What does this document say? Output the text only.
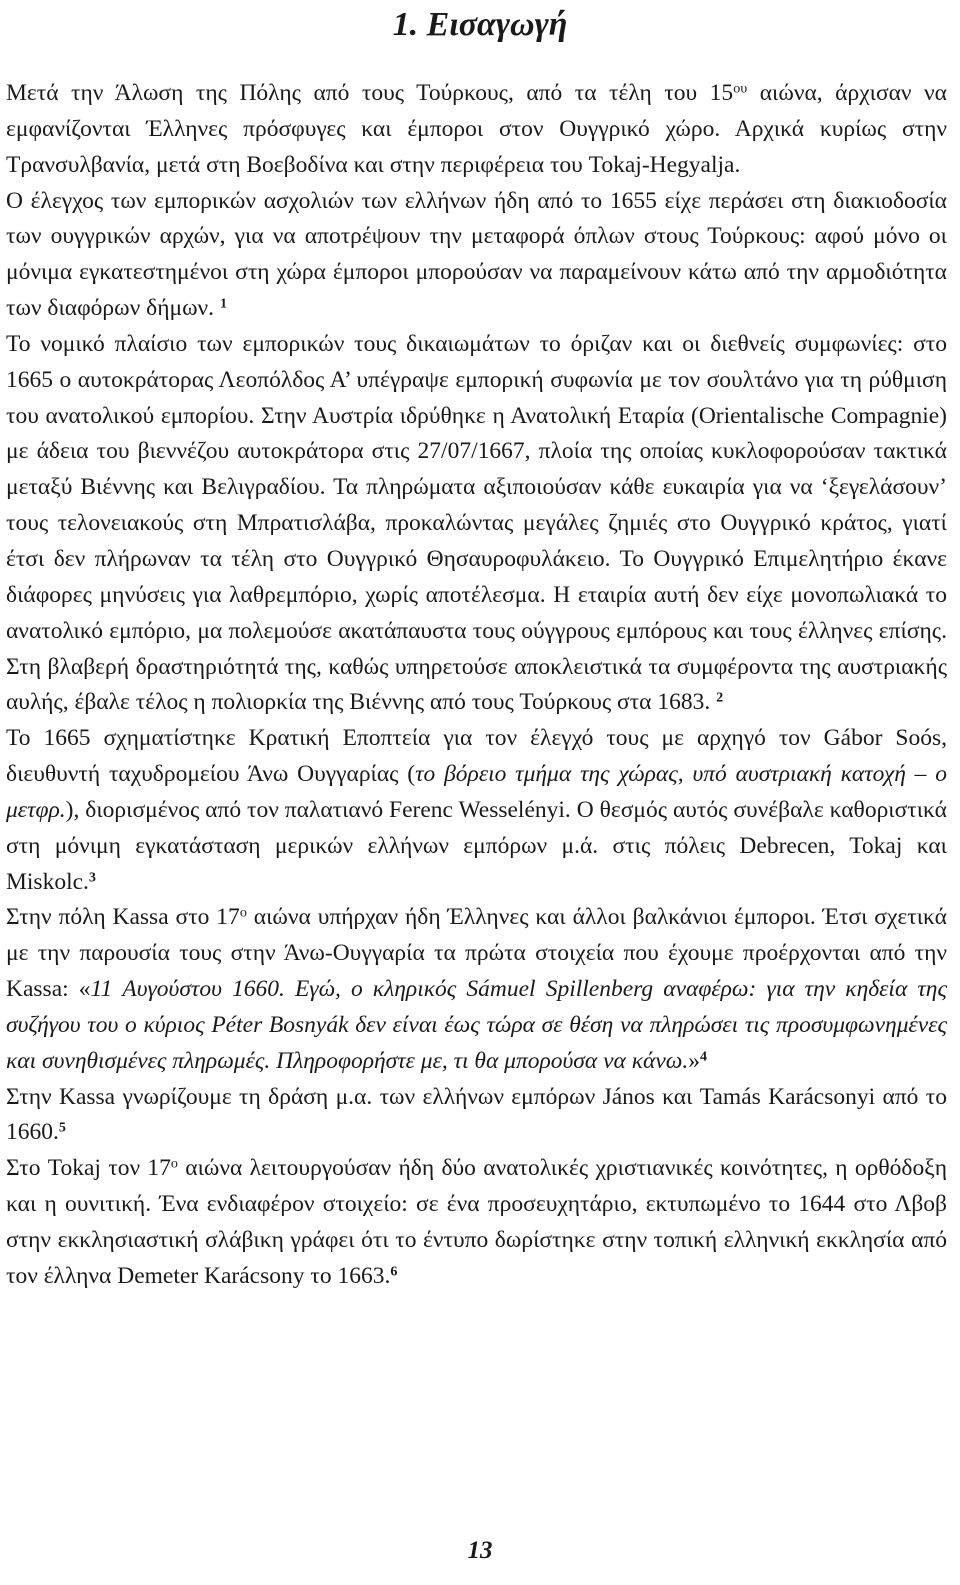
1. Εισαγωγή

Μετά την Άλωση της Πόλης από τους Τούρκους, από τα τέλη του $15^{o\upsilon}$ αιώνα, άρχισαν να εμφανίζονται Έλληνες πρόσφυγες και έμποροι στον Ουγγρικό χώρο. Αρχικά κυρίως στην Τρανσυλβανία, μετά στη Βοεβοδίνα και στην περιφέρεια του Tokaj-Hegyalja.

Ο έλεγχος των εμπορικών ασχολιών των ελλήνων ήδη από το 1655 είχε περάσει στη διακιοδοσία των ουγγρικών αρχών, για να αποτρέψουν την μεταφορά όπλων στους Τούρκους: αφού μόνο οι μόνιμα εγκατεστημένοι στη χώρα έμποροι μπορούσαν να παραμείνουν κάτω από την αρμοδιότητα των διαφόρων δήμων. $^1$

Το νομικό πλαίσιο των εμπορικών τους δικαιωμάτων το όριζαν και οι διεθνείς συμφωνίες: στο 1665 ο αυτοκράτορας Λεοπόλδος Α’ υπέγραψε εμπορική συφωνία με τον σουλτάνο για τη ρύθμιση του ανατολικού εμπορίου. Στην Αυστρία ιδρύθηκε η Ανατολική Εταρία (Orientalische Compagnie) με άδεια του βιεννέζου αυτοκράτορα στις 27/07/1667, πλοία της οποίας κυκλοφορούσαν τακτικά μεταξύ Βιέννης και Βελιγραδίου. Τα πληρώματα αξιποιούσαν κάθε ευκαιρία για να ‘ξεγελάσουν’ τους τελονειακούς στη Μπρατισλάβα, προκαλώντας μεγάλες ζημιές στο Ουγγρικό κράτος, γιατί έτσι δεν πλήρωναν τα τέλη στο Ουγγρικό Θησαυροφυλάκειο. Το Ουγγρικό Επιμελητήριο έκανε διάφορες μηνύσεις για λαθρεμπόριο, χωρίς αποτέλεσμα. Η εταιρία αυτή δεν είχε μονοπωλιακά το ανατολικό εμπόριο, μα πολεμούσε ακατάπαυστα τους ούγγρους εμπόρους και τους έλληνες επίσης. Στη βλαβερή δραστηριότητά της, καθώς υπηρετούσε αποκλειστικά τα συμφέροντα της αυστριακής αυλής, έβαλε τέλος η πολιορκία της Βιέννης από τους Τούρκους στα 1683. $^2$

Το 1665 σχηματίστηκε Κρατική Εποπτεία για τον έλεγχό τους με αρχηγό τον Gábor Soós, διευθυντή ταχυδρομείου Άνω Ουγγαρίας (το βόρειο τμήμα της χώρας, υπό αυστριακή κατοχή – ο μετφρ.), διορισμένος από τον παλατιανό Ferenc Wesselényi. Ο θεσμός αυτός συνέβαλε καθοριστικά στη μόνιμη εγκατάσταση μερικών ελλήνων εμπόρων μ.ά. στις πόλεις Debrecen, Tokaj και Miskolc.$^3$

Στην πόλη Kassa στο $17^o$ αιώνα υπήρχαν ήδη Έλληνες και άλλοι βαλκάνιοι έμποροι. Έτσι σχετικά με την παρουσία τους στην Άνω-Ουγγαρία τα πρώτα στοιχεία που έχουμε προέρχονται από την Kassa: «11 Αυγούστου 1660. Εγώ, ο κληρικός Sámuel Spillenberg αναφέρω: για την κηδεία της συζήγου του ο κύριος Péter Bosnyák δεν είναι έως τώρα σε θέση να πληρώσει τις προσυμφωνημένες και συνηθισμένες πληρωμές. Πληροφορήστε με, τι θα μπορούσα να κάνω.»$^4$

Στην Kassa γνωρίζουμε τη δράση μ.α. των ελλήνων εμπόρων János και Tamás Karácsonyi από το 1660.$^5$

Στο Tokaj τον $17^o$ αιώνα λειτουργούσαν ήδη δύο ανατολικές χριστιανικές κοινότητες, η ορθόδοξη και η ουνιτική. Ένα ενδιαφέρον στοιχείο: σε ένα προσευχητάριο, εκτυπωμένο το 1644 στο Λβοβ στην εκκλησιαστική σλάβικη γράφει ότι το έντυπο δωρίστηκε στην τοπική ελληνική εκκλησία από τον έλληνα Demeter Karácsony το 1663.$^6$

13
